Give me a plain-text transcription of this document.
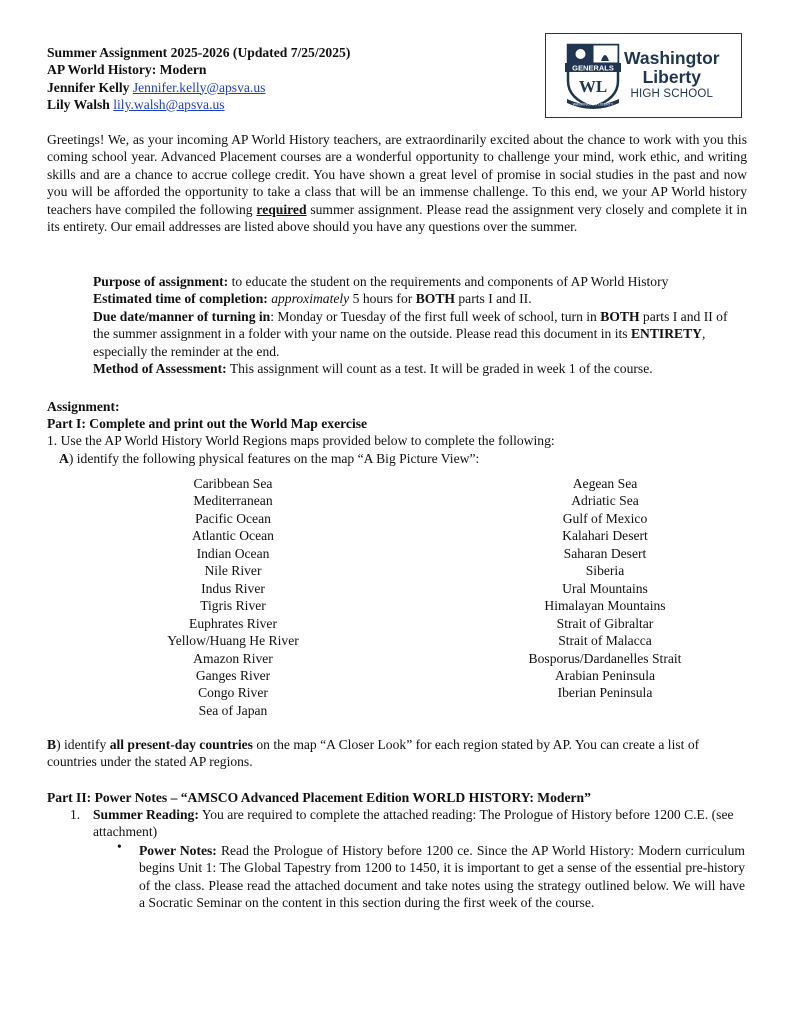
Summer Assignment 2025-2026 (Updated 7/25/2025)
AP World History: Modern
Jennifer Kelly Jennifer.kelly@apsva.us
Lily Walsh lily.walsh@apsva.us
GENERALS
WL
WASHINGTON LIBERTY
Washingtor
Liberty
HIGH SCHOOL

Greetings! We, as your incoming AP World History teachers, are extraordinarily excited about the chance to work with you this coming school year. Advanced Placement courses are a wonderful opportunity to challenge your mind, work ethic, and writing skills and are a chance to accrue college credit. You have shown a great level of promise in social studies in the past and now you will be afforded the opportunity to take a class that will be an immense challenge. To this end, we your AP World history teachers have compiled the following required summer assignment. Please read the assignment very closely and complete it in its entirety. Our email addresses are listed above should you have any questions over the summer.

Purpose of assignment: to educate the student on the requirements and components of AP World History
Estimated time of completion: approximately 5 hours for BOTH parts I and II.
Due date/manner of turning in: Monday or Tuesday of the first full week of school, turn in BOTH parts I and II of the summer assignment in a folder with your name on the outside. Please read this document in its ENTIRETY, especially the reminder at the end.
Method of Assessment: This assignment will count as a test. It will be graded in week 1 of the course.
Assignment:
Part I: Complete and print out the World Map exercise
1. Use the AP World History World Regions maps provided below to complete the following:
A) identify the following physical features on the map “A Big Picture View”:
Caribbean Sea
Mediterranean
Pacific Ocean
Atlantic Ocean
Indian Ocean
Nile River
Indus River
Tigris River
Euphrates River
Yellow/Huang He River
Amazon River
Ganges River
Congo River
Sea of Japan
Aegean Sea
Adriatic Sea
Gulf of Mexico
Kalahari Desert
Saharan Desert
Siberia
Ural Mountains
Himalayan Mountains
Strait of Gibraltar
Strait of Malacca
Bosporus/Dardanelles Strait
Arabian Peninsula
Iberian Peninsula
B) identify all present-day countries on the map “A Closer Look” for each region stated by AP. You can create a list of countries under the stated AP regions.
Part II: Power Notes – “AMSCO Advanced Placement Edition WORLD HISTORY: Modern”
1. Summer Reading: You are required to complete the attached reading: The Prologue of History before 1200 C.E. (see attachment)
• Power Notes: Read the Prologue of History before 1200 ce. Since the AP World History: Modern curriculum begins Unit 1: The Global Tapestry from 1200 to 1450, it is important to get a sense of the essential pre-history of the class. Please read the attached document and take notes using the strategy outlined below. We will have a Socratic Seminar on the content in this section during the first week of the course.
